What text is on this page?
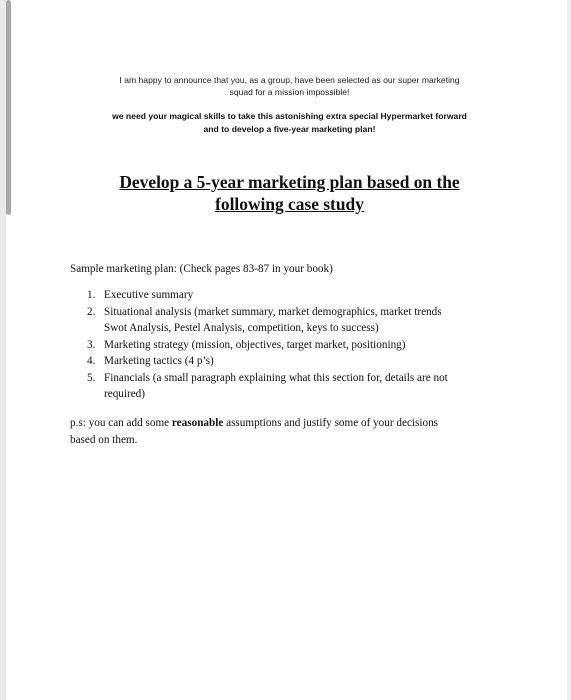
I am happy to announce that you, as a group, have been selected as our super marketing

squad for a mission impossible!

we need your magical skills to take this astonishing extra special Hypermarket forward

and to develop a five-year marketing plan!

Develop a 5-year marketing plan based on the

following case study

Sample marketing plan: (Check pages 83-87 in your book)
1. Executive summary
2. Situational analysis (market summary, market demographics, market trends
Swot Analysis, Pestel Analysis, competition, keys to success)
3. Marketing strategy (mission, objectives, target market, positioning)
4. Marketing tactics (4 p’s)
5. Financials (a small paragraph explaining what this section for, details are not
required)
p.s: you can add some reasonable assumptions and justify some of your decisions
based on them.
